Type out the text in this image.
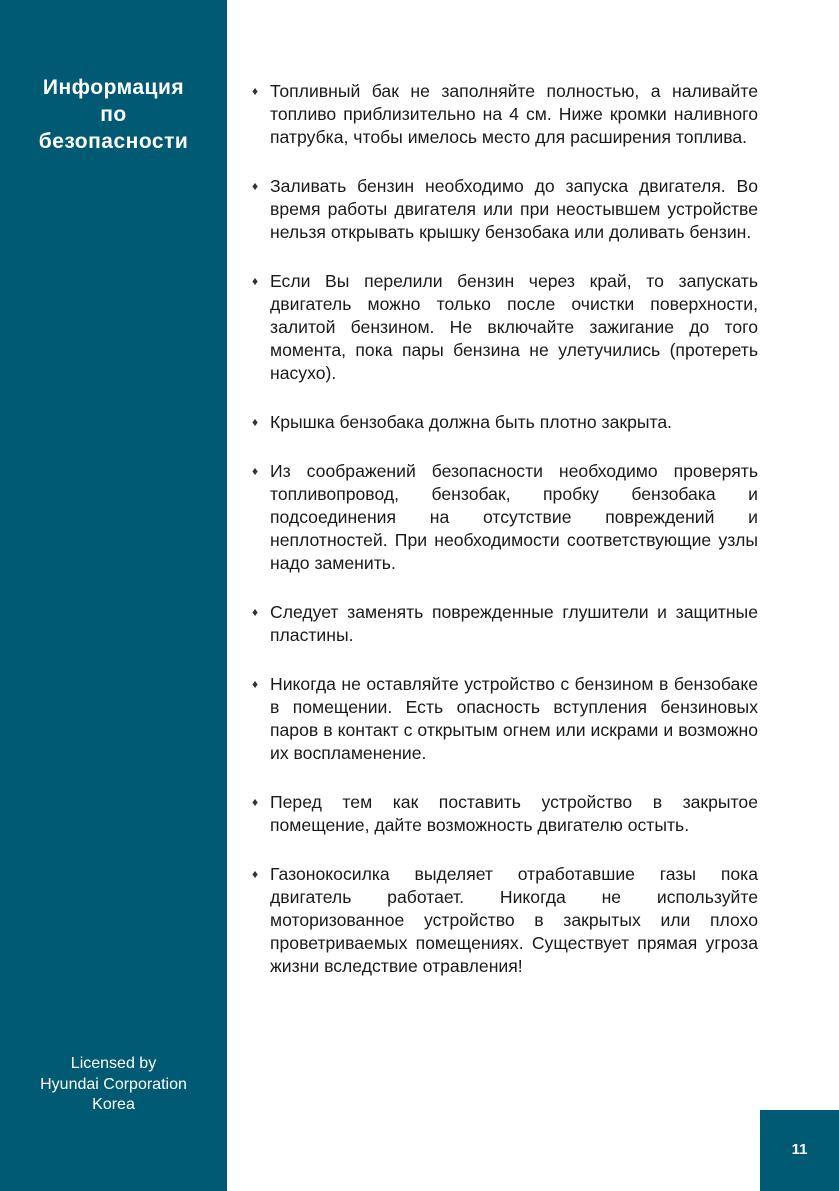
Информация
по
безопасности
Licensed by
Hyundai Corporation
Korea
♦ Топливный бак не заполняйте полностью, а наливайте топливо приблизительно на 4 см. Ниже кромки наливного патрубка, чтобы имелось место для расширения топлива.
♦ Заливать бензин необходимо до запуска двигателя. Во время работы двигателя или при неостывшем устройстве нельзя открывать крышку бензобака или доливать бензин.
♦ Если Вы перелили бензин через край, то запускать двигатель можно только после очистки поверхности, залитой бензином. Не включайте зажигание до того момента, пока пары бензина не улетучились (протереть насухо).
♦ Крышка бензобака должна быть плотно закрыта.
♦ Из соображений безопасности необходимо проверять топливопровод, бензобак, пробку бензобака и подсоединения на отсутствие повреждений и неплотностей. При необходимости соответствующие узлы надо заменить.
♦ Следует заменять поврежденные глушители и защитные пластины.
♦ Никогда не оставляйте устройство с бензином в бензобаке в помещении. Есть опасность вступления бензиновых паров в контакт с открытым огнем или искрами и возможно их воспламенение.
♦ Перед тем как поставить устройство в закрытое помещение, дайте возможность двигателю остыть.
♦ Газонокосилка выделяет отработавшие газы пока двигатель работает. Никогда не используйте моторизованное устройство в закрытых или плохо проветриваемых помещениях. Существует прямая угроза жизни вследствие отравления!
11
